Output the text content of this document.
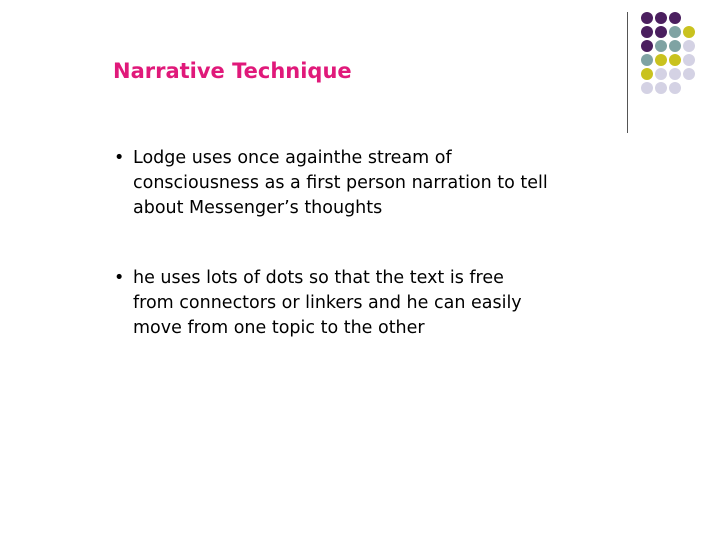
Narrative Technique
• Lodge uses once againthe stream of
consciousness as a first person narration to tell
about Messenger’s thoughts
• he uses lots of dots so that the text is free
from connectors or linkers and he can easily
move from one topic to the other
